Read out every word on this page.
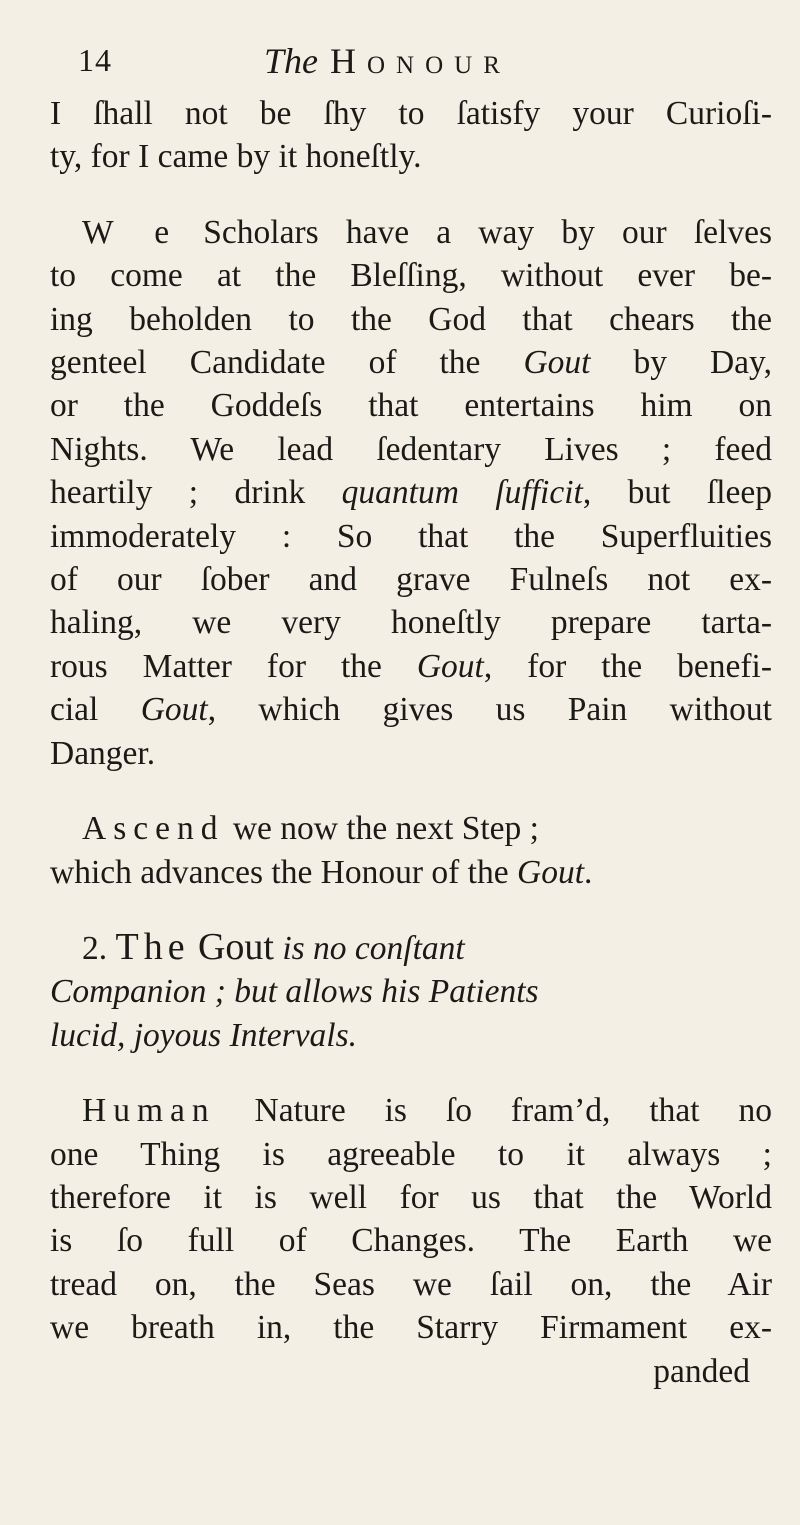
14	The Honour
I ſhall not be ſhy to ſatisfy your Curioſi-
ty, for I came by it honeſtly.
W e Scholars have a way by our ſelves
to come at the Bleſſing, without ever be-
ing beholden to the God that chears the
genteel Candidate of the Gout by Day,
or the Goddeſs that entertains him on
Nights. We lead ſedentary Lives ; feed
heartily ; drink quantum ſufficit, but ſleep
immoderately : So that the Superfluities
of our ſober and grave Fulneſs not ex-
haling, we very honeſtly prepare tarta-
rous Matter for the Gout, for the benefi-
cial Gout, which gives us Pain without
Danger.
Ascend we now the next Step ;
which advances the Honour of the Gout.
2. The Gout is no conſtant
Companion ; but allows his Patients
lucid, joyous Intervals.
Human Nature is ſo fram’d, that no
one Thing is agreeable to it always ;
therefore it is well for us that the World
is ſo full of Changes. The Earth we
tread on, the Seas we ſail on, the Air
we breath in, the Starry Firmament ex-
panded
